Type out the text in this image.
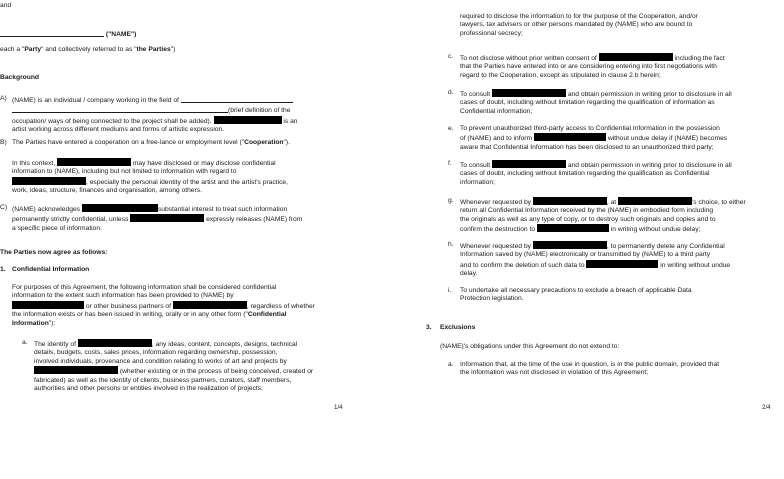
and
("NAME")
each a "Party" and collectively referred to as "the Parties")
Background
A) (NAME) is an individual / company working in the field of

(brief definition of the

occupation/ ways of being connected to the project shall be added).	is an

artist working across different mediums and forms of artistic expression.

B) The Parties have entered a cooperation on a free-lance or employment level ("Cooperation").

In this context,	may have disclosed or may disclose confidential

information to (NAME), including but not limited to information with regard to

, especially the personal identity of the artist and the artist's practice,

work, ideas, structure, finances and organisation, among others.

C) (NAME) acknowledges	substantial interest to treat such information

permanently strictly confidential, unless	expressly releases (NAME) from

a specific piece of information.

The Parties now agree as follows:
1. Confidential Information

For purposes of this Agreement, the following information shall be considered confidential

information to the extent such information has been provided to (NAME) by

or other business partners of	, regardless of whether

the information exists or has been issued in writing, orally or in any other form ("Confidential

Information"):

a. The identity of	, any ideas, content, concepts, designs, technical

details, budgets, costs, sales prices, information regarding ownership, possession,

involved individuals, provenance and condition relating to works of art and projects by

(whether existing or in the process of being conceived, created or

fabricated) as well as the identity of clients, business partners, curators, staff members,

authorities and other persons or entities involved in the realization of projects;

1/4

required to disclose the information to for the purpose of the Cooperation, and/or

lawyers, tax advisers or other persons mandated by (NAME) who are bound to

professional secrecy;

c. To not disclose without prior written consent of	including the fact

that the Parties have entered into or are considering entering into first negotiations with

regard to the Cooperation, except as stipulated in clause 2.b herein;

d. To consult	and obtain permission in writing prior to disclosure in all

cases of doubt, including without limitation regarding the qualification of information as

Confidential information;

e. To prevent unauthorized third-party access to Confidential Information in the possession

of (NAME) and to inform	without undue delay if (NAME) becomes

aware that Confidential Information has been disclosed to an unauthorized third party;

f. To consult	and obtain permission in writing prior to disclosure in all

cases of doubt, including without limitation regarding the qualification as Confidential

information;

g. Whenever requested by	, at	's choice, to either

return all Confidential Information received by the (NAME) in embodied form including

the originals as well as any type of copy, or to destroy such originals and copies and to

confirm the destruction to	in writing without undue delay;

h. Whenever requested by	, to permanently delete any Confidential

Information saved by (NAME) electronically or transmitted by (NAME) to a third party

and to confirm the deletion of such data to	in writing without undue

delay.

i. To undertake all necessary precautions to exclude a breach of applicable Data

Protection legislation.

3. Exclusions
(NAME)'s obligations under this Agreement do not extend to:
a. Information that, at the time of the use in question, is in the public domain, provided that

the information was not disclosed in violation of this Agreement;

2/4
